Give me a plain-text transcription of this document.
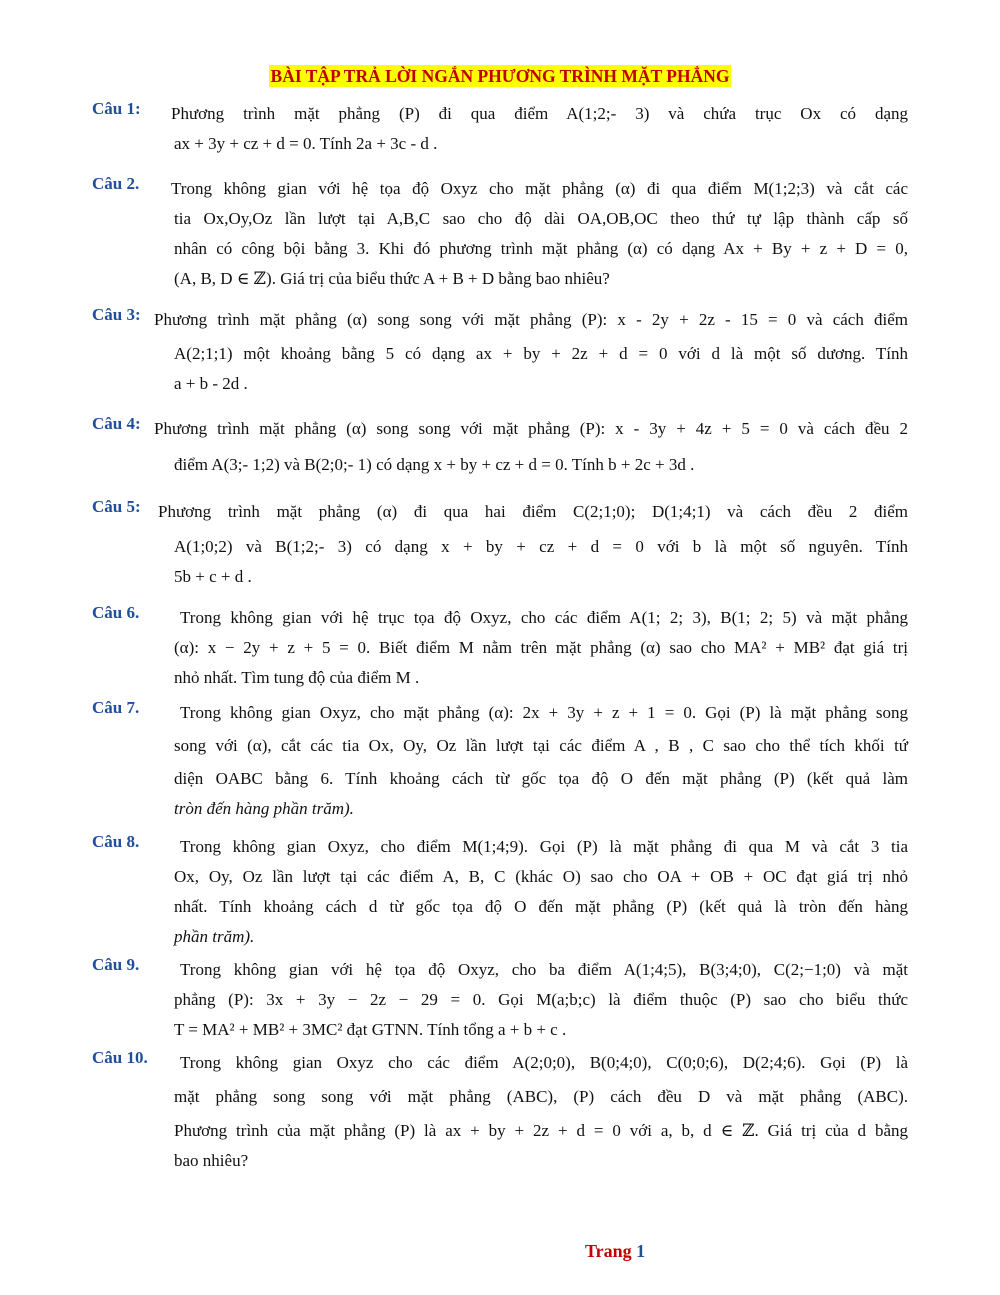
BÀI TẬP TRẢ LỜI NGẮN PHƯƠNG TRÌNH MẶT PHẲNG
Câu 1:	Phương trình mặt phẳng (P) đi qua điểm A(1;2;- 3) và chứa trục Ox có dạng
ax + 3y + cz + d = 0. Tính 2a + 3c - d .
Câu 2.	Trong không gian với hệ tọa độ Oxyz cho mặt phẳng (α) đi qua điểm M(1;2;3) và cắt các
tia Ox,Oy,Oz lần lượt tại A,B,C sao cho độ dài OA,OB,OC theo thứ tự lập thành cấp số
nhân có công bội bằng 3. Khi đó phương trình mặt phẳng (α) có dạng Ax + By + z + D = 0,
(A, B, D ∈ ℤ). Giá trị của biểu thức A + B + D bằng bao nhiêu?
Câu 3: Phương trình mặt phẳng (α) song song với mặt phẳng (P): x - 2y + 2z - 15 = 0 và cách điểm
A(2;1;1) một khoảng bằng 5 có dạng ax + by + 2z + d = 0 với d là một số dương. Tính
a + b - 2d .
Câu 4: Phương trình mặt phẳng (α) song song với mặt phẳng (P): x - 3y + 4z + 5 = 0 và cách đều 2
điểm A(3;- 1;2) và B(2;0;- 1) có dạng x + by + cz + d = 0. Tính b + 2c + 3d .
Câu 5:	Phương trình mặt phẳng (α) đi qua hai điểm C(2;1;0); D(1;4;1) và cách đều 2 điểm
A(1;0;2) và B(1;2;- 3) có dạng x + by + cz + d = 0 với b là một số nguyên. Tính
5b + c + d .
Câu 6.	Trong không gian với hệ trục tọa độ Oxyz, cho các điểm A(1; 2; 3), B(1; 2; 5) và mặt phẳng
(α): x − 2y + z + 5 = 0. Biết điểm M nằm trên mặt phẳng (α) sao cho MA² + MB² đạt giá trị
nhỏ nhất. Tìm tung độ của điểm M .
Câu 7.	Trong không gian Oxyz, cho mặt phẳng (α): 2x + 3y + z + 1 = 0. Gọi (P) là mặt phẳng song
song với (α), cắt các tia Ox, Oy, Oz lần lượt tại các điểm A , B , C sao cho thể tích khối tứ
diện OABC bằng 6. Tính khoảng cách từ gốc tọa độ O đến mặt phẳng (P) (kết quả làm
tròn đến hàng phần trăm).
Câu 8.	Trong không gian Oxyz, cho điểm M(1;4;9). Gọi (P) là mặt phẳng đi qua M và cắt 3 tia
Ox, Oy, Oz lần lượt tại các điểm A, B, C (khác O) sao cho OA + OB + OC đạt giá trị nhỏ
nhất. Tính khoảng cách d từ gốc tọa độ O đến mặt phẳng (P) (kết quả là tròn đến hàng
phần trăm).
Câu 9.	Trong không gian với hệ tọa độ Oxyz, cho ba điểm A(1;4;5), B(3;4;0), C(2;−1;0) và mặt
phẳng (P): 3x + 3y − 2z − 29 = 0. Gọi M(a;b;c) là điểm thuộc (P) sao cho biểu thức
T = MA² + MB² + 3MC² đạt GTNN. Tính tổng a + b + c .
Câu 10.	Trong không gian Oxyz cho các điểm A(2;0;0), B(0;4;0), C(0;0;6), D(2;4;6). Gọi (P) là
mặt phẳng song song với mặt phẳng (ABC), (P) cách đều D và mặt phẳng (ABC).
Phương trình của mặt phẳng (P) là ax + by + 2z + d = 0 với a, b, d ∈ ℤ. Giá trị của d bằng
bao nhiêu?
Trang 1
